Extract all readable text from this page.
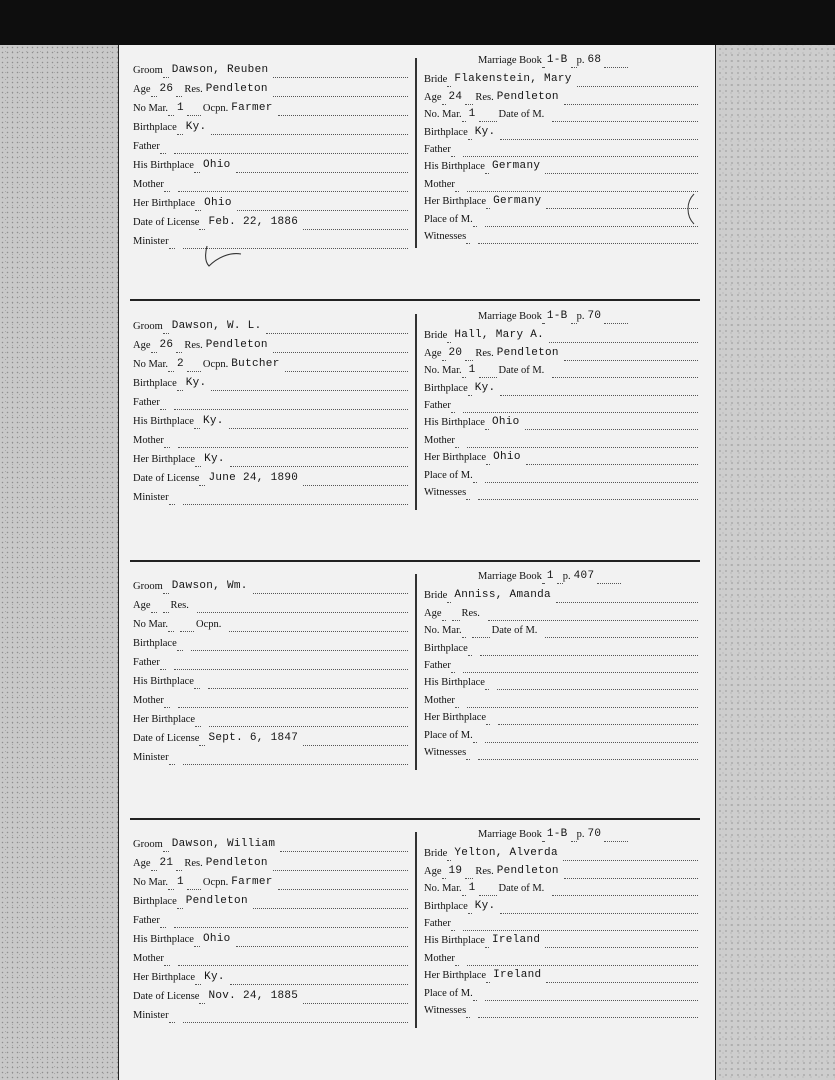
Groom Dawson, Reuben
Age 26 Res. Pendleton
No Mar. 1 Ocpn. Farmer
Birthplace Ky.
Father
His Birthplace Ohio
Mother
Her Birthplace Ohio
Date of License Feb. 22, 1886
Minister
Marriage Book 1-B p. 68
Bride Flakenstein, Mary
Age 24 Res. Pendleton
No. Mar. 1 Date of M.
Birthplace Ky.
Father
His Birthplace Germany
Mother
Her Birthplace Germany
Place of M.
Witnesses
Groom Dawson, W. L.
Age 26 Res. Pendleton
No Mar. 2 Ocpn. Butcher
Birthplace Ky.
Father
His Birthplace Ky.
Mother
Her Birthplace Ky.
Date of License June 24, 1890
Minister
Marriage Book 1-B p. 70
Bride Hall, Mary A.
Age 20 Res. Pendleton
No. Mar. 1 Date of M.
Birthplace Ky.
Father
His Birthplace Ohio
Mother
Her Birthplace Ohio
Place of M.
Witnesses
Groom Dawson, Wm.
Age Res.
No Mar.	Ocpn.
Birthplace
Father
His Birthplace
Mother
Her Birthplace
Date of License Sept. 6, 1847
Minister
Marriage Book 1 p. 407
Bride Anniss, Amanda
Age Res.
No. Mar.	Date of M.
Birthplace
Father
His Birthplace
Mother
Her Birthplace
Place of M.
Witnesses
Groom Dawson, William
Age 21 Res. Pendleton
No Mar. 1 Ocpn. Farmer
Birthplace Pendleton
Father
His Birthplace Ohio
Mother
Her Birthplace Ky.
Date of License Nov. 24, 1885
Minister
Marriage Book 1-B p. 70
Bride Yelton, Alverda
Age 19 Res. Pendleton
No. Mar. 1 Date of M.
Birthplace Ky.
Father
His Birthplace Ireland
Mother
Her Birthplace Ireland
Place of M.
Witnesses
